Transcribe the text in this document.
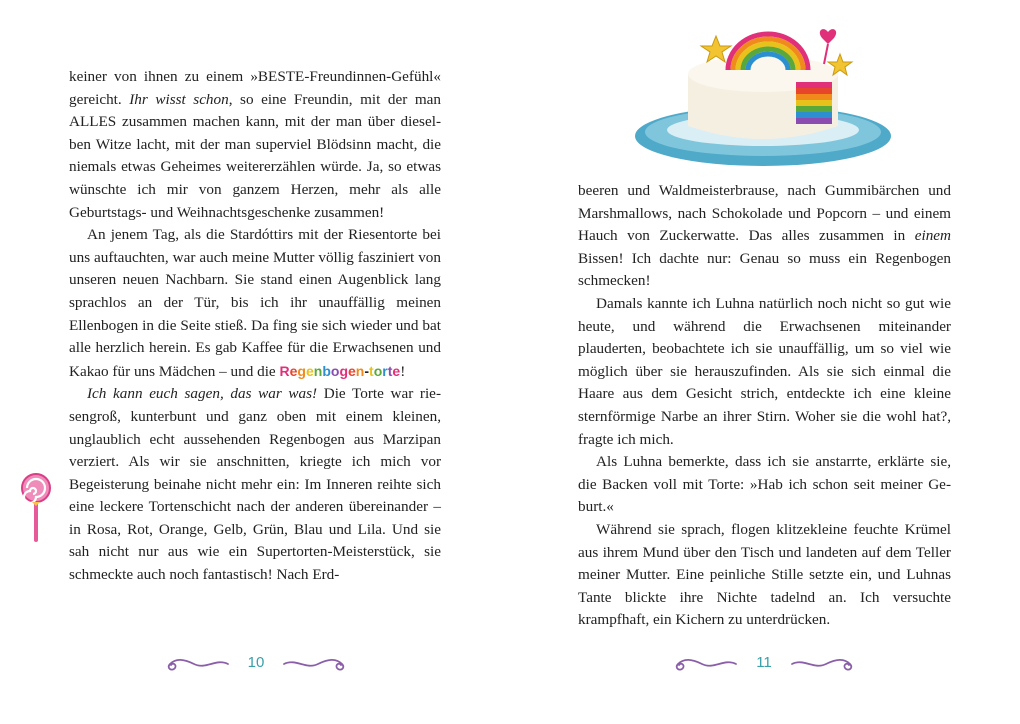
keiner von ihnen zu einem »BESTE-Freundinnen-Gefühl« gereicht. Ihr wisst schon, so eine Freundin, mit der man ALLES zusammen machen kann, mit der man über dieselben Witze lacht, mit der man superviel Blödsinn macht, die niemals etwas Geheimes weitererzählen würde. Ja, so etwas wünschte ich mir von ganzem Herzen, mehr als alle Geburtstags- und Weihnachtsgeschenke zusammen!

An jenem Tag, als die Stardóttirs mit der Riesentorte bei uns auftauchten, war auch meine Mutter völlig fasziniert von unseren neuen Nachbarn. Sie stand einen Augenblick lang sprachlos an der Tür, bis ich ihr unauffällig meinen Ellenbogen in die Seite stieß. Da fing sie sich wieder und bat alle herzlich herein. Es gab Kaffee für die Erwachsenen und Kakao für uns Mädchen – und die Regenbogen-torte!

Ich kann euch sagen, das war was! Die Torte war riesengroß, kunterbunt und ganz oben mit einem kleinen, unglaublich echt aussehenden Regenbogen aus Marzipan verziert. Als wir sie anschnitten, kriegte ich mich vor Begeisterung beinahe nicht mehr ein: Im Inneren reihte sich eine leckere Tortenschicht nach der anderen übereinander – in Rosa, Rot, Orange, Gelb, Grün, Blau und Lila. Und sie sah nicht nur aus wie ein Supertorten-Meisterstück, sie schmeckte auch noch fantastisch! Nach Erd-

10

beeren und Waldmeisterbrause, nach Gummibärchen und Marshmallows, nach Schokolade und Popcorn – und einem Hauch von Zuckerwatte. Das alles zusammen in einem Bissen! Ich dachte nur: Genau so muss ein Regenbogen schmecken!

Damals kannte ich Luhna natürlich noch nicht so gut wie heute, und während die Erwachsenen miteinander plauderten, beobachtete ich sie unauffällig, um so viel wie möglich über sie herauszufinden. Als sie sich einmal die Haare aus dem Gesicht strich, entdeckte ich eine kleine sternförmige Narbe an ihrer Stirn. Woher sie die wohl hat?, fragte ich mich.

Als Luhna bemerkte, dass ich sie anstarrte, erklärte sie, die Backen voll mit Torte: »Hab ich schon seit meiner Geburt.«

Während sie sprach, flogen klitzekleine feuchte Krümel aus ihrem Mund über den Tisch und landeten auf dem Teller meiner Mutter. Eine peinliche Stille setzte ein, und Luhnas Tante blickte ihre Nichte tadelnd an. Ich versuchte krampfhaft, ein Kichern zu unterdrücken.

11
